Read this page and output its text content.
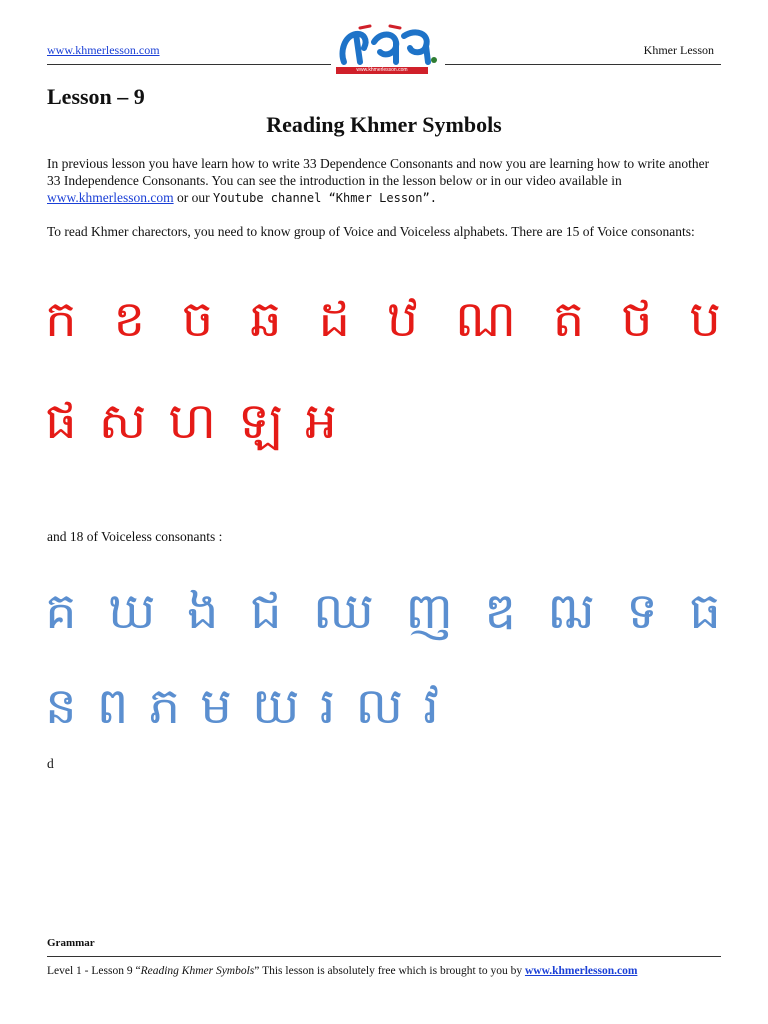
www.khmerlesson.com	Khmer Lesson
www.khmerlesson.com
Lesson – 9
Reading Khmer Symbols
In previous lesson you have learn how to write 33 Dependence Consonants and now you are learning how to write another 33 Independence Consonants. You can see the introduction in the lesson below or in our video available in www.khmerlesson.com or our Youtube channel “Khmer Lesson”.
To read Khmer charectors, you need to know group of Voice and Voiceless alphabets. There are 15 of Voice consonants:
ក ខ ច ឆ ដ ឋ ណ ត ថ ប
ផ ស ហ ឡ អ
and 18 of Voiceless consonants :
គ ឃ ង ជ ឈ ញ ឌ ឍ ទ ធ
ន ព ភ ម យ រ ល វ
d
Grammar
Level 1 - Lesson 9 “Reading Khmer Symbols” This lesson is absolutely free which is brought to you by www.khmerlesson.com
